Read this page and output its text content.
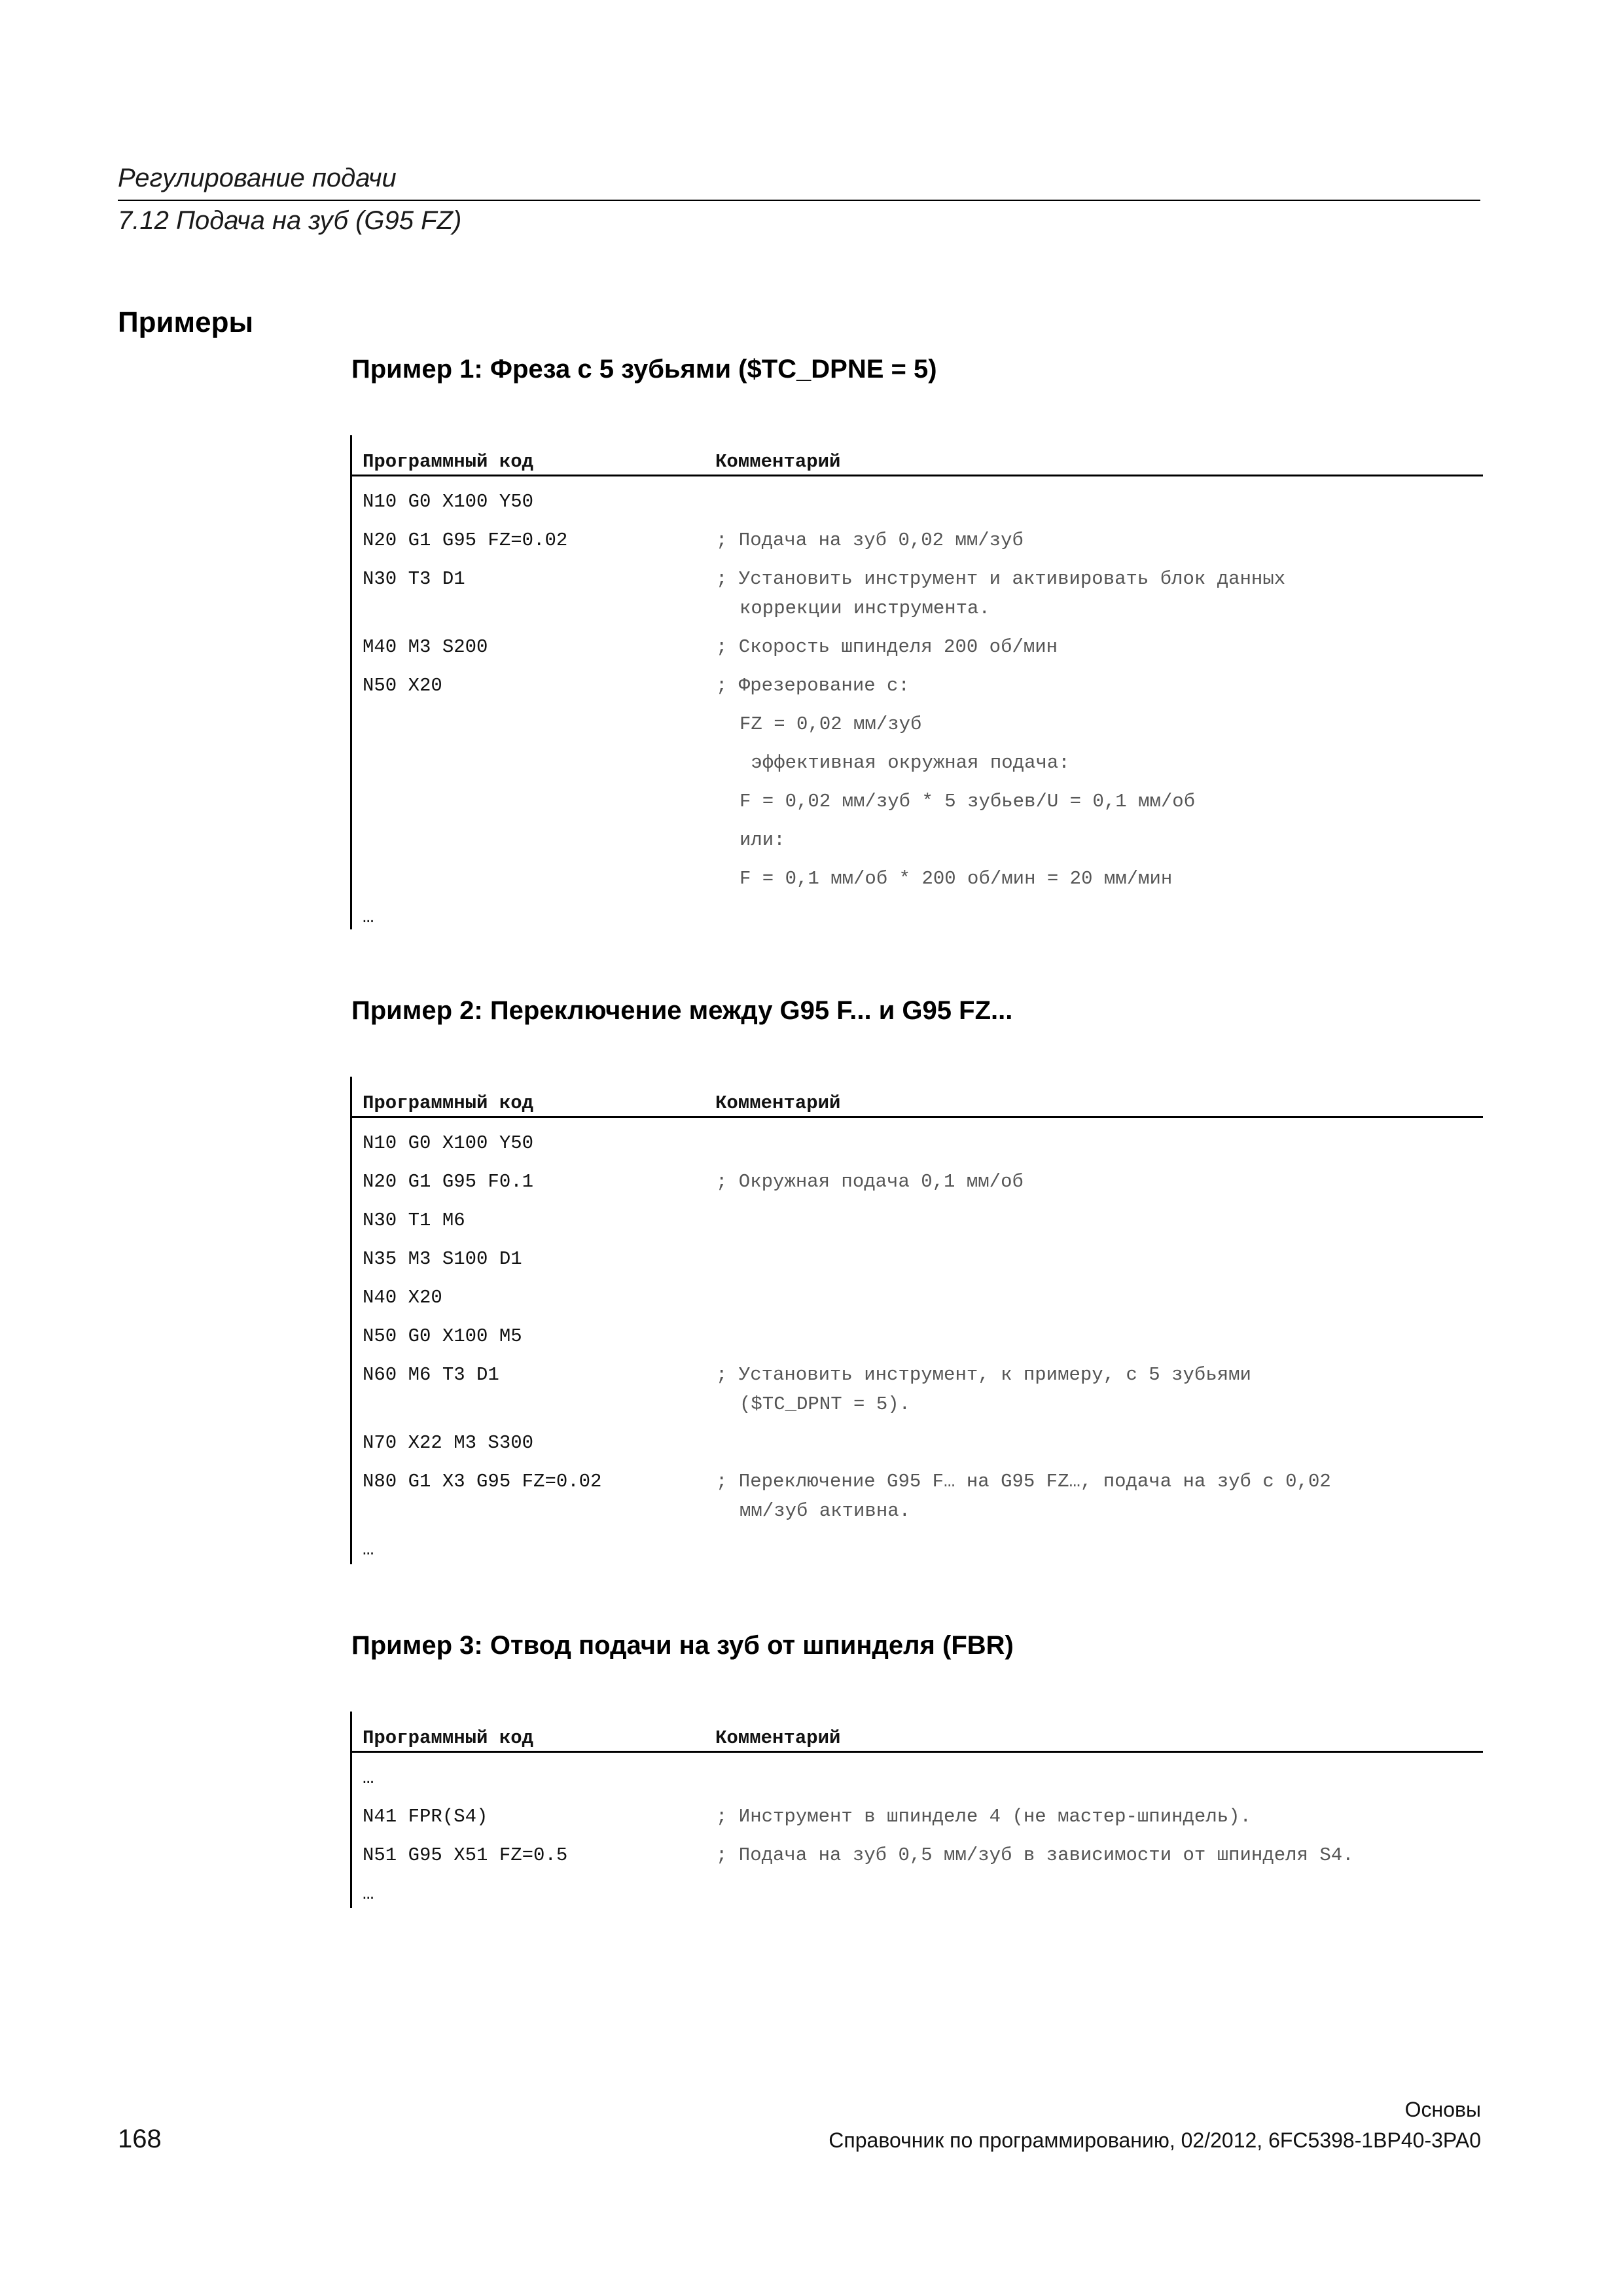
Регулирование подачи
7.12 Подача на зуб (G95 FZ)
Примеры
Пример 1: Фреза с 5 зубьями ($TC_DPNE = 5)
Программный код	Комментарий
N10 G0 X100 Y50
N20 G1 G95 FZ=0.02	; Подача на зуб 0,02 мм/зуб
N30 T3 D1	; Установить инструмент и активировать блок данных
коррекции инструмента.
M40 M3 S200	; Скорость шпинделя 200 об/мин
N50 X20	; Фрезерование с:
FZ = 0,02 мм/зуб
эффективная окружная подача:
F = 0,02 мм/зуб * 5 зубьев/U = 0,1 мм/об
или:
F = 0,1 мм/об * 200 об/мин = 20 мм/мин
…
Пример 2: Переключение между G95 F... и G95 FZ...
Программный код	Комментарий
N10 G0 X100 Y50
N20 G1 G95 F0.1	; Окружная подача 0,1 мм/об
N30 T1 M6
N35 M3 S100 D1
N40 X20
N50 G0 X100 M5
N60 M6 T3 D1	; Установить инструмент, к примеру, с 5 зубьями
($TC_DPNT = 5).
N70 X22 M3 S300
N80 G1 X3 G95 FZ=0.02	; Переключение G95 F… на G95 FZ…, подача на зуб с 0,02
мм/зуб активна.
…
Пример 3: Отвод подачи на зуб от шпинделя (FBR)
Программный код	Комментарий
…
N41 FPR(S4)	; Инструмент в шпинделе 4 (не мастер-шпиндель).
N51 G95 X51 FZ=0.5	; Подача на зуб 0,5 мм/зуб в зависимости от шпинделя S4.
…
Основы
168	Справочник по программированию, 02/2012, 6FC5398-1BP40-3PA0
